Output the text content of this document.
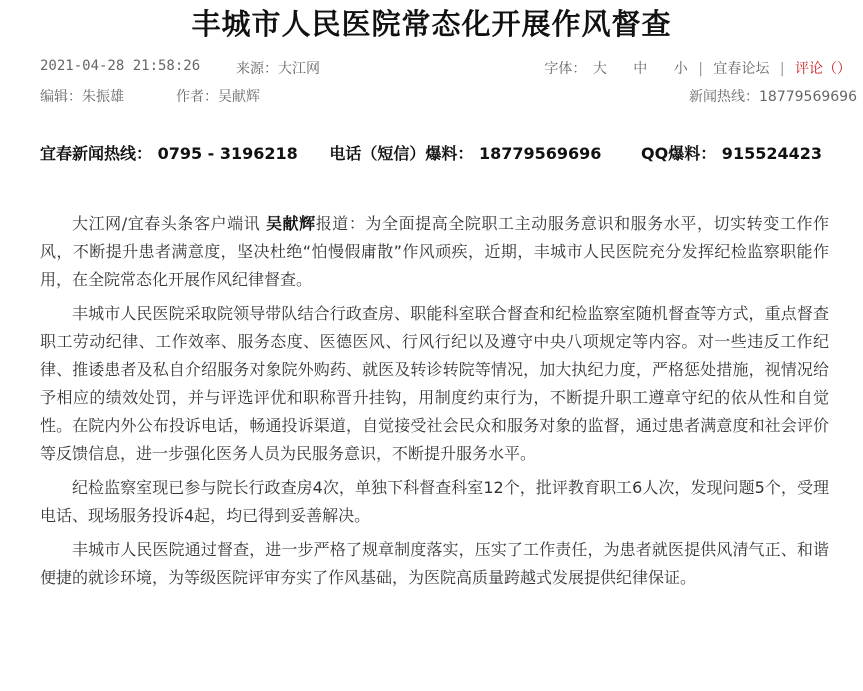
丰城市人民医院常态化开展作风督查
2021-04-28 21:58:26	来源：大江网	字体： 大 中 小 | 宜春论坛 | 评论（）
编辑：朱振雄	作者：吴献辉	新闻热线：18779569696
宜春新闻热线： 0795 - 3196218 电话（短信）爆料： 18779569696 QQ爆料： 915524423

大江网/宜春头条客户端讯 吴献辉报道：为全面提高全院职工主动服务意识和服务水平，切实转变工作作风，不断提升患者满意度，坚决杜绝“怕慢假庸散”作风顽疾，近期，丰城市人民医院充分发挥纪检监察职能作用，在全院常态化开展作风纪律督查。

丰城市人民医院采取院领导带队结合行政查房、职能科室联合督查和纪检监察室随机督查等方式，重点督查职工劳动纪律、工作效率、服务态度、医德医风、行风行纪以及遵守中央八项规定等内容。对一些违反工作纪律、推诿患者及私自介绍服务对象院外购药、就医及转诊转院等情况，加大执纪力度，严格惩处措施，视情况给予相应的绩效处罚，并与评选评优和职称晋升挂钩，用制度约束行为，不断提升职工遵章守纪的依从性和自觉性。在院内外公布投诉电话，畅通投诉渠道，自觉接受社会民众和服务对象的监督，通过患者满意度和社会评价等反馈信息，进一步强化医务人员为民服务意识，不断提升服务水平。

纪检监察室现已参与院长行政查房4次，单独下科督查科室12个，批评教育职工6人次，发现问题5个，受理电话、现场服务投诉4起，均已得到妥善解决。

丰城市人民医院通过督查，进一步严格了规章制度落实，压实了工作责任，为患者就医提供风清气正、和谐便捷的就诊环境，为等级医院评审夯实了作风基础，为医院高质量跨越式发展提供纪律保证。
